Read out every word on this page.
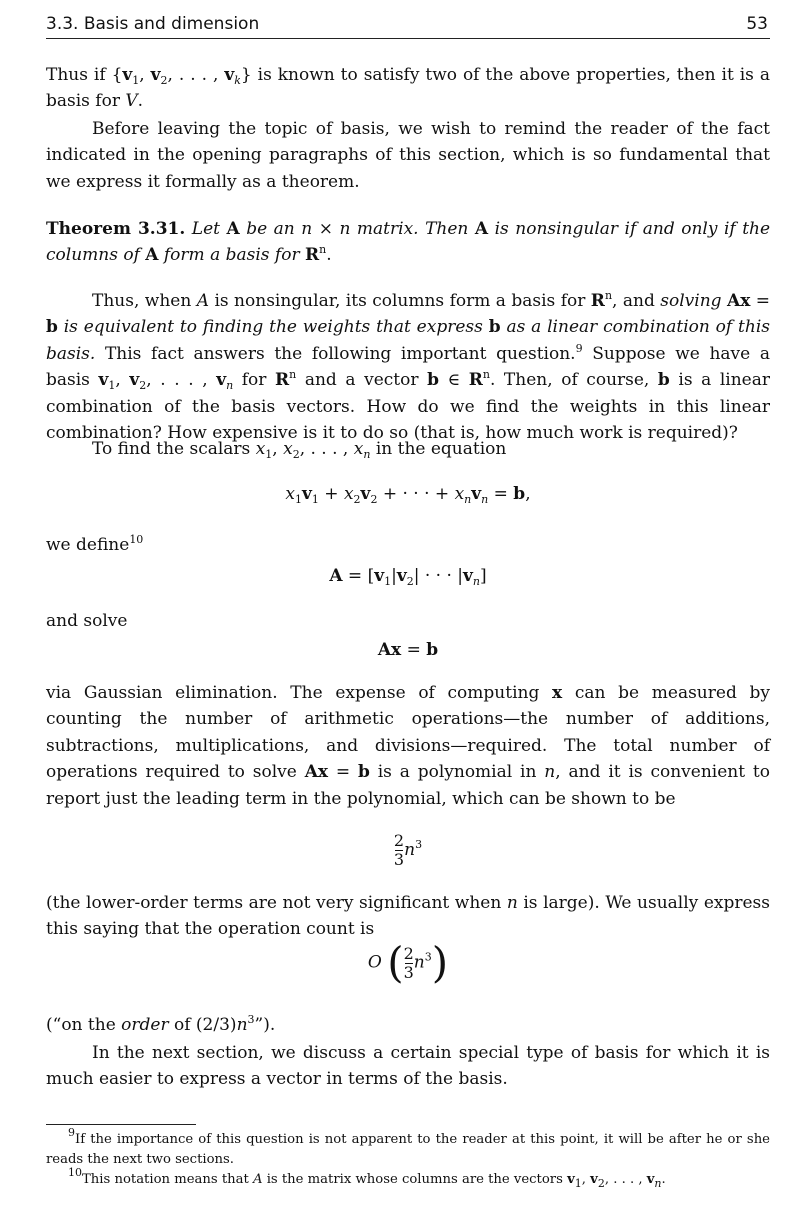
3.3. Basis and dimension	53

Thus if {$v_1$, $v_2$, . . . , $v_k$} is known to satisfy two of the above properties, then it is a basis for V.

Before leaving the topic of basis, we wish to remind the reader of the fact indicated in the opening paragraphs of this section, which is so fundamental that we express it formally as a theorem.

Theorem 3.31. Let A be an n × n matrix. Then A is nonsingular if and only if the columns of A form a basis for $R^n$.

Thus, when A is nonsingular, its columns form a basis for $R^n$, and solving Ax = b is equivalent to finding the weights that express b as a linear combination of this basis. This fact answers the following important question.$^9$ Suppose we have a basis $v_1$, $v_2$, . . . , $v_n$ for $R^n$ and a vector b ∈ $R^n$. Then, of course, b is a linear combination of the basis vectors. How do we find the weights in this linear combination? How expensive is it to do so (that is, how much work is required)?

To find the scalars $x_1$, $x_2$, . . . , $x_n$ in the equation

$x_1v_1 + x_2v_2$ + · · · + $x_nv_n = b$,

we define$^{10}$

$A = [v_1|v_2|$ · · · $|v_n$]

and solve

Ax = b

via Gaussian elimination. The expense of computing x can be measured by counting the number of arithmetic operations—the number of additions, subtractions, multiplications, and divisions—required. The total number of operations required to solve Ax = b is a polynomial in n, and it is convenient to report just the leading term in the polynomial, which can be shown to be

$\frac{2}{3} n^3$

(the lower-order terms are not very significant when n is large). We usually express this saying that the operation count is

O ( $\frac{2}{3} n^3$)

(“on the order of $(2/3)n^3$”).

In the next section, we discuss a certain special type of basis for which it is much easier to express a vector in terms of the basis.

$^9$If the importance of this question is not apparent to the reader at this point, it will be after he or she reads the next two sections.

$^{10}$This notation means that A is the matrix whose columns are the vectors $v_1$, $v_2$, . . . , $v_n$.
